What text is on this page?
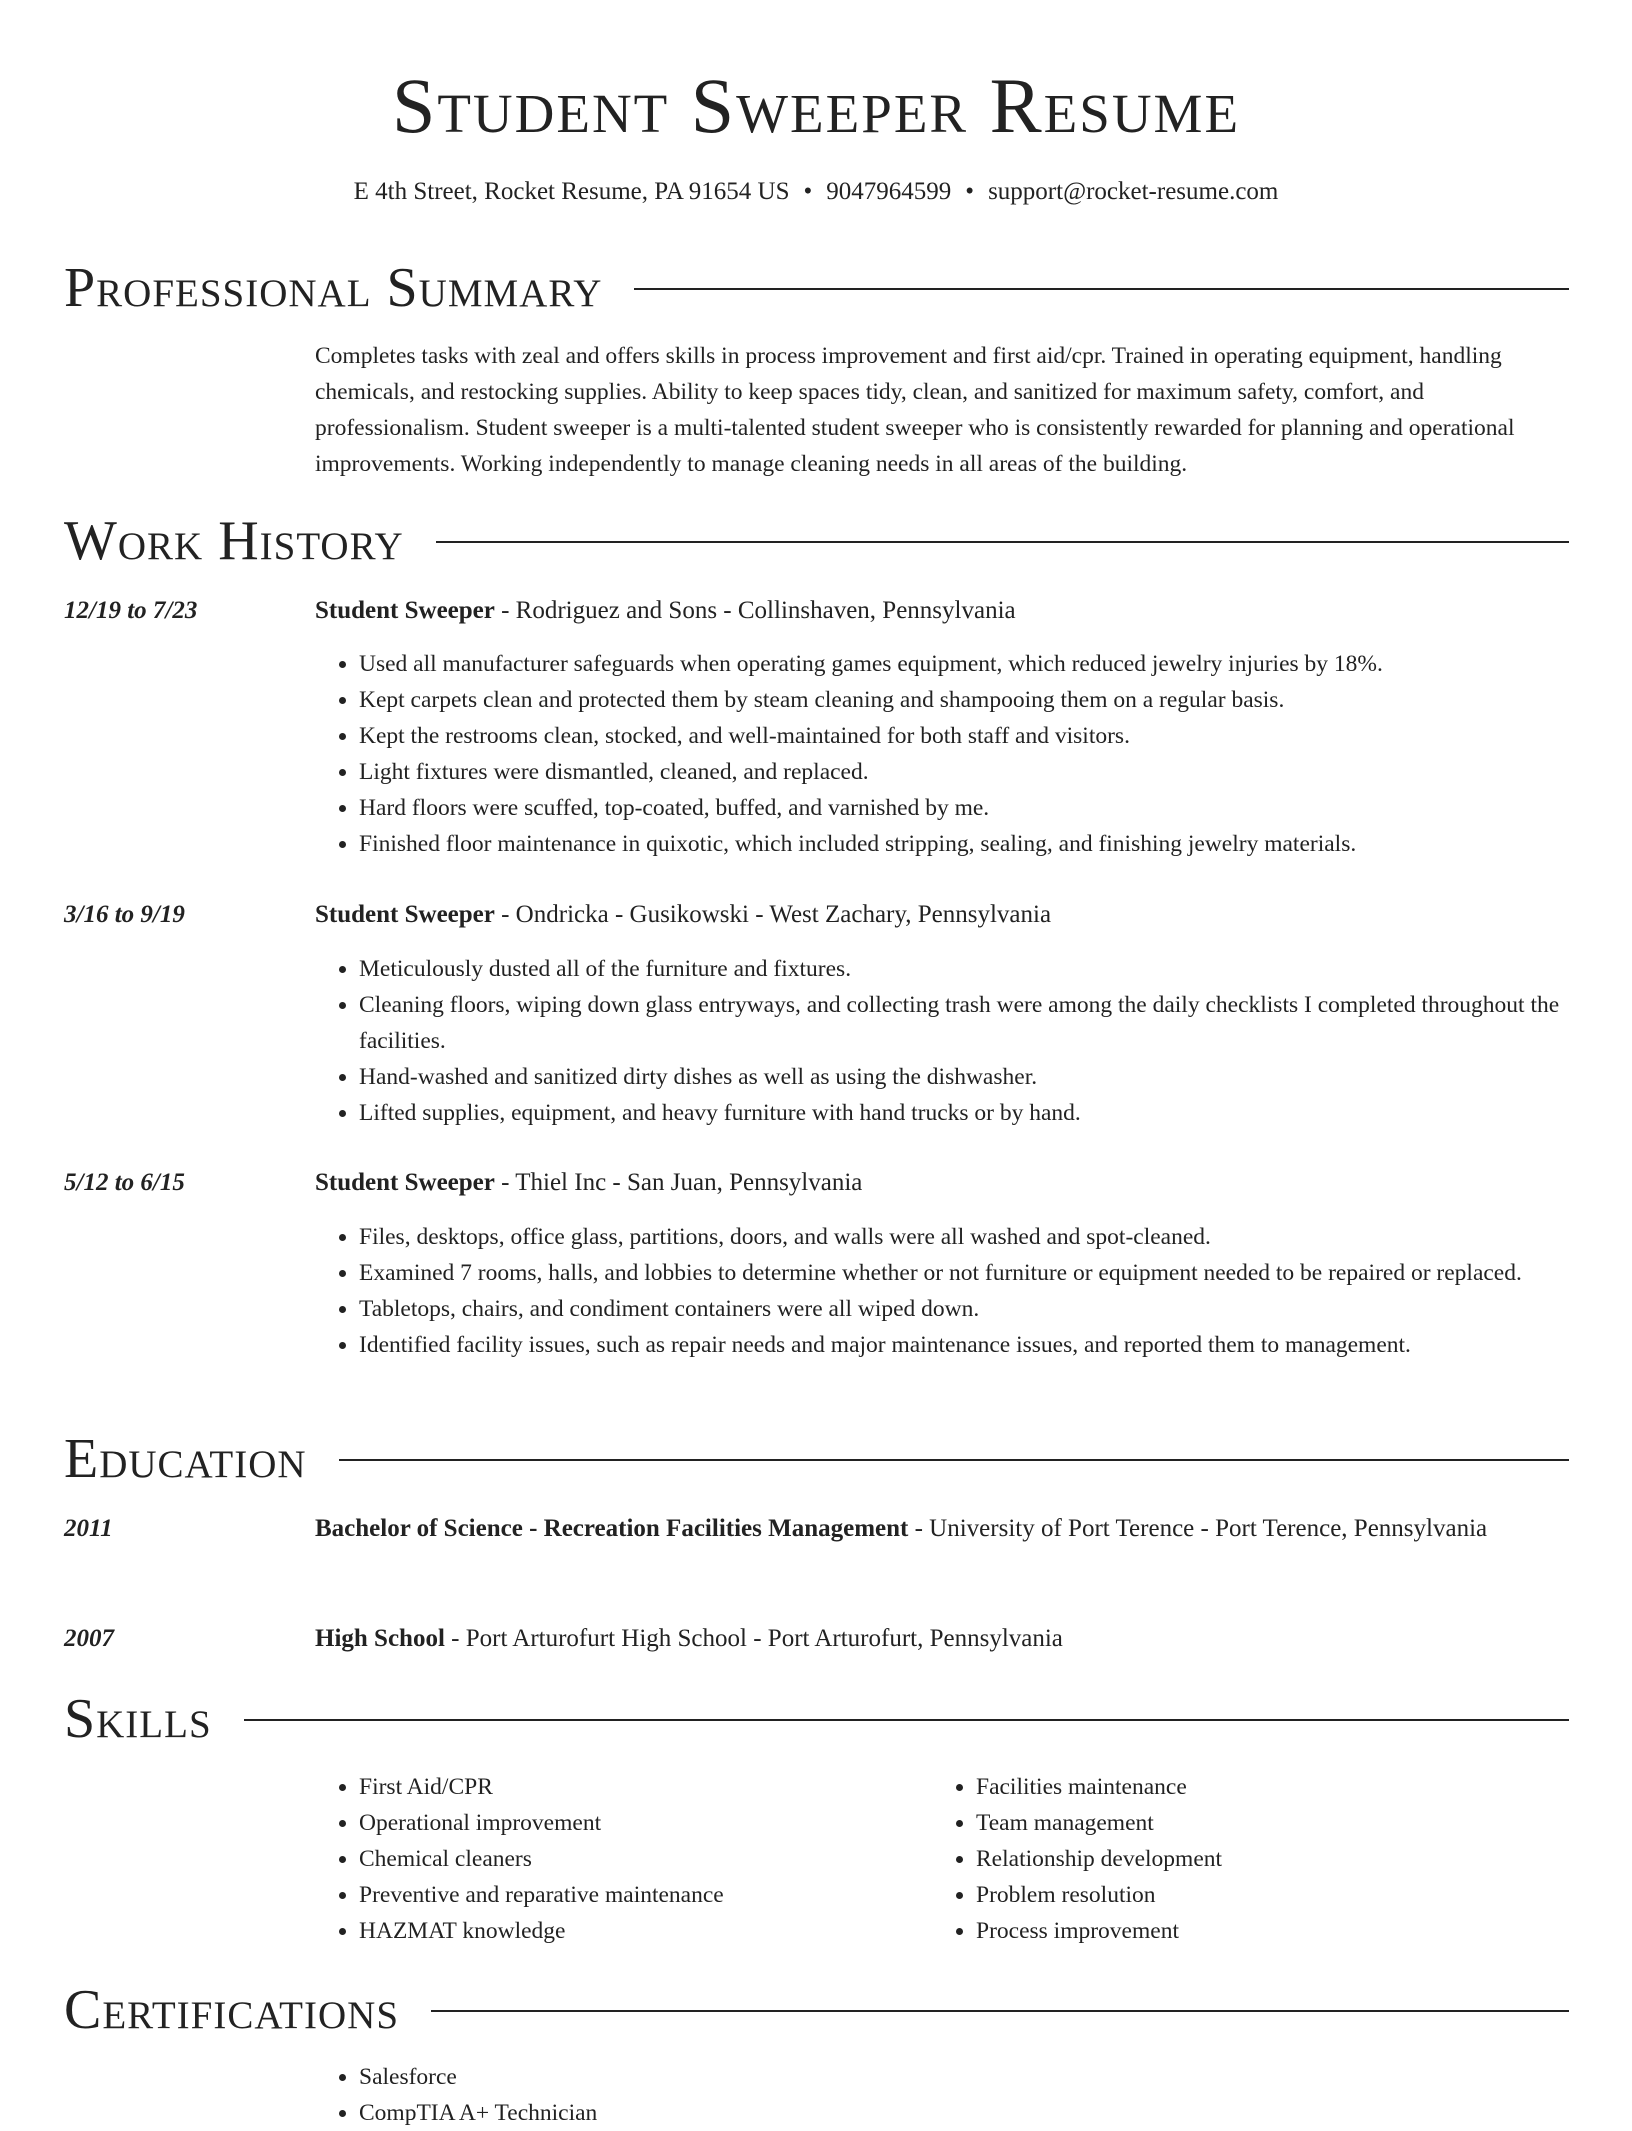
Student Sweeper Resume
E 4th Street, Rocket Resume, PA 91654 US • 9047964599 • support@rocket-resume.com
Professional Summary

Completes tasks with zeal and offers skills in process improvement and first aid/cpr. Trained in operating equipment, handling chemicals, and restocking supplies. Ability to keep spaces tidy, clean, and sanitized for maximum safety, comfort, and professionalism. Student sweeper is a multi-talented student sweeper who is consistently rewarded for planning and operational improvements. Working independently to manage cleaning needs in all areas of the building.

Work History
12/19 to 7/23	Student Sweeper - Rodriguez and Sons - Collinshaven, Pennsylvania
• Used all manufacturer safeguards when operating games equipment, which reduced jewelry injuries by 18%.
• Kept carpets clean and protected them by steam cleaning and shampooing them on a regular basis.
• Kept the restrooms clean, stocked, and well-maintained for both staff and visitors.
• Light fixtures were dismantled, cleaned, and replaced.
• Hard floors were scuffed, top-coated, buffed, and varnished by me.
• Finished floor maintenance in quixotic, which included stripping, sealing, and finishing jewelry materials.
3/16 to 9/19	Student Sweeper - Ondricka - Gusikowski - West Zachary, Pennsylvania
• Meticulously dusted all of the furniture and fixtures.
• Cleaning floors, wiping down glass entryways, and collecting trash were among the daily checklists I completed throughout the facilities.
• Hand-washed and sanitized dirty dishes as well as using the dishwasher.
• Lifted supplies, equipment, and heavy furniture with hand trucks or by hand.
5/12 to 6/15	Student Sweeper - Thiel Inc - San Juan, Pennsylvania
• Files, desktops, office glass, partitions, doors, and walls were all washed and spot-cleaned.
• Examined 7 rooms, halls, and lobbies to determine whether or not furniture or equipment needed to be repaired or replaced.
• Tabletops, chairs, and condiment containers were all wiped down.
• Identified facility issues, such as repair needs and major maintenance issues, and reported them to management.
Education
2011	Bachelor of Science - Recreation Facilities Management - University of Port Terence - Port Terence, Pennsylvania
2007	High School - Port Arturofurt High School - Port Arturofurt, Pennsylvania
Skills
• First Aid/CPR
• Operational improvement
• Chemical cleaners
• Preventive and reparative maintenance
• HAZMAT knowledge
• Facilities maintenance
• Team management
• Relationship development
• Problem resolution
• Process improvement
Certifications
• Salesforce
• CompTIA A+ Technician
